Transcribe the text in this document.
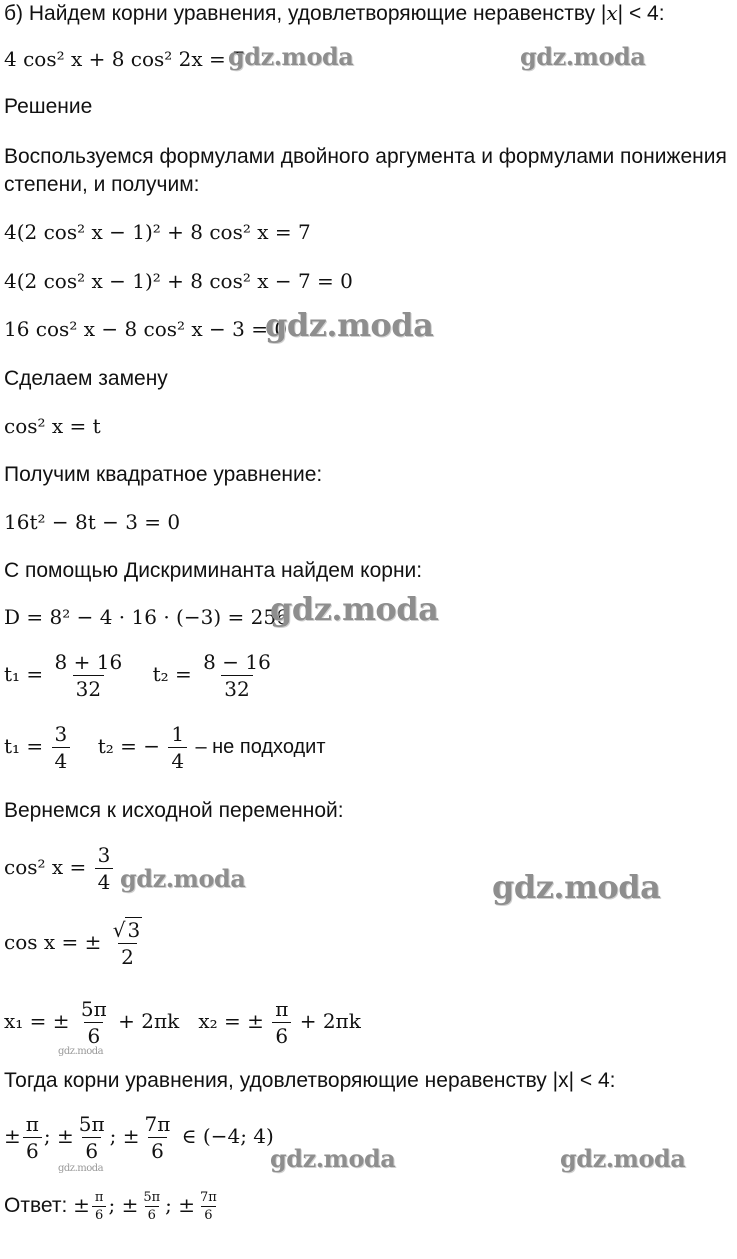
б) Найдем корни уравнения, удовлетворяющие неравенству |x| < 4:
4 cos² x + 8 cos² 2x = 7
Решение
Воспользуемся формулами двойного аргумента и формулами понижения
степени, и получим:
4(2 cos² x − 1)² + 8 cos² x = 7
4(2 cos² x − 1)² + 8 cos² x − 7 = 0
16 cos² x − 8 cos² x − 3 = 0
Сделаем замену
cos² x = t
Получим квадратное уравнение:
16t² − 8t − 3 = 0
С помощью Дискриминанта найдем корни:
D = 8² − 4 · 16 · (−3) = 256
$t_1 = \frac{8 + 16}{32} t_2 = \frac{8 - 16}{32}$
$t_1 = \frac{3}{4} t_2$ = − $\frac{1}{4}$ – не подходит
Вернемся к исходной переменной:
cos² $x = \frac{3}{4}$
cos x = ± $\frac{√ 3}{2}$
x₁ = ± $\frac{5\pi}{6} + 2\pi k$ x₂ = ± $\frac{\pi}{6} + 2\pi k$
Тогда корни уравнения, удовлетворяющие неравенству |x| < 4:
± $\frac{\pi}{6}$ ; ± $\frac{5\pi}{6}$ ; ± $\frac{7\pi}{6}$ ∈ (−4; 4)
Ответ: ± $\frac{\pi}{6}$ ; ± $\frac{5\pi}{6}$ ; ± $\frac{7\pi}{6}$
gdz.moda	gdz.moda
gdz.moda
gdz.moda
gdz.moda	gdz.moda
gdz.moda
gdz.moda	gdz.moda	gdz.moda
